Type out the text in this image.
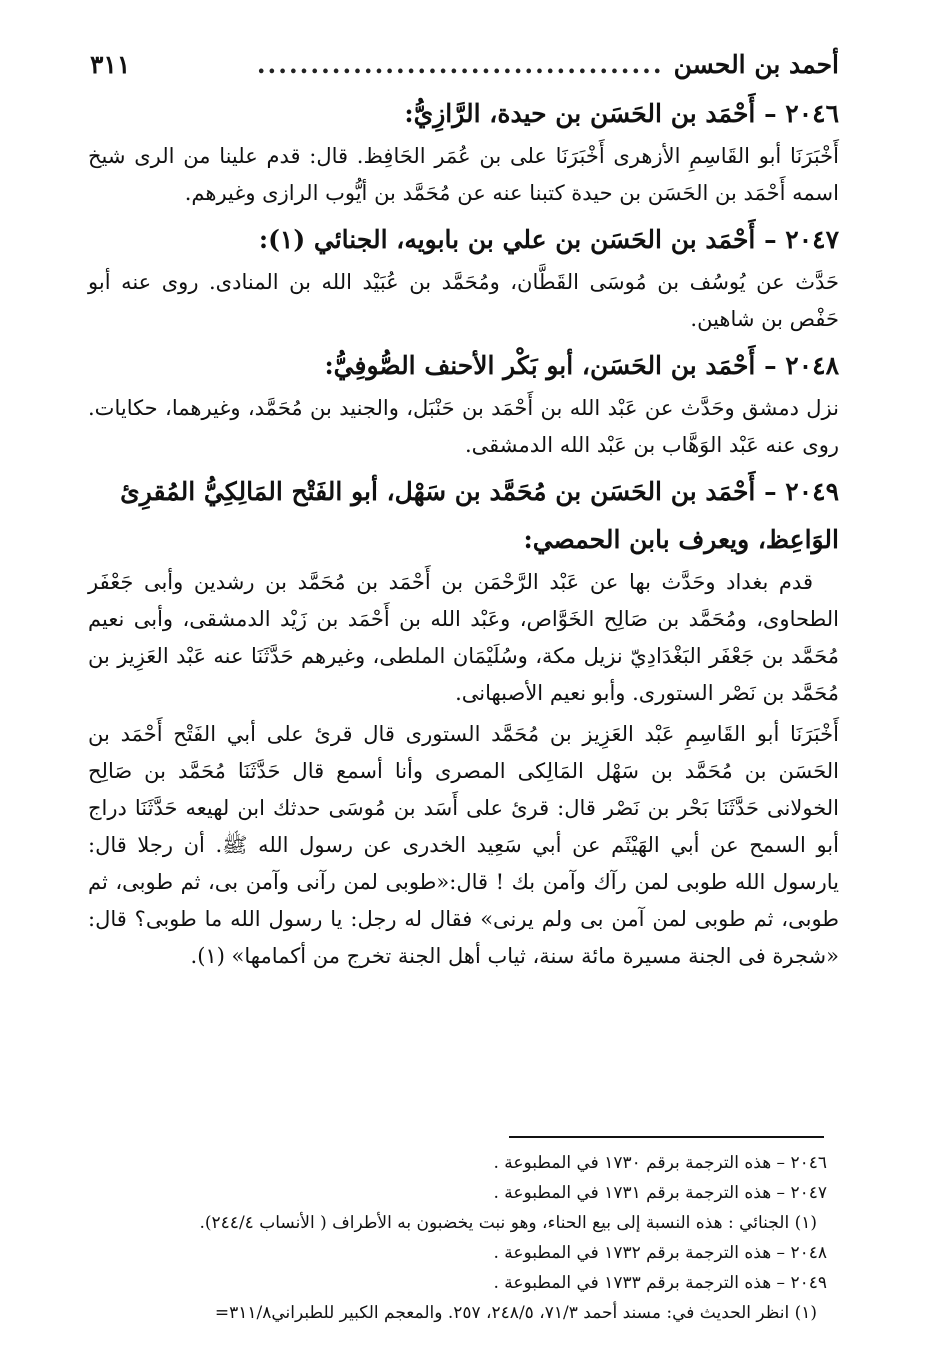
أحمد بن الحسن
......................................
٣١١
٢٠٤٦ – أَحْمَد بن الحَسَن بن حيدة، الرَّازِيُّ:

أَخْبَرَنَا أبو القَاسِمِ الأزهرى أَخْبَرَنَا على بن عُمَر الحَافِظ. قال: قدم علينا من الرى شيخ اسمه أَحْمَد بن الحَسَن بن حيدة كتبنا عنه عن مُحَمَّد بن أيُّوب الرازى وغيرهم.

٢٠٤٧ – أَحْمَد بن الحَسَن بن علي بن بابويه، الجنائي (١):

حَدَّث عن يُوسُف بن مُوسَى القَطَّان، ومُحَمَّد بن عُبَيْد الله بن المنادى. روى عنه أبو حَفْص بن شاهين.

٢٠٤٨ – أَحْمَد بن الحَسَن، أبو بَكْر الأحنف الصُّوفِيُّ:

نزل دمشق وحَدَّث عن عَبْد الله بن أَحْمَد بن حَنْبَل، والجنيد بن مُحَمَّد، وغيرهما، حكايات. روى عنه عَبْد الوَهَّاب بن عَبْد الله الدمشقى.

٢٠٤٩ – أَحْمَد بن الحَسَن بن مُحَمَّد بن سَهْل، أبو الفَتْح المَالِكِيُّ المُقرِئ الوَاعِظ، ويعرف بابن الحمصي:

قدم بغداد وحَدَّث بها عن عَبْد الرَّحْمَن بن أَحْمَد بن مُحَمَّد بن رشدين وأبى جَعْفَر الطحاوى، ومُحَمَّد بن صَالِح الخَوَّاص، وعَبْد الله بن أَحْمَد بن زَيْد الدمشقى، وأبى نعيم مُحَمَّد بن جَعْفَر البَغْدَادِيّ نزيل مكة، وسُلَيْمَان الملطى، وغيرهم حَدَّثَنَا عنه عَبْد العَزِيز بن مُحَمَّد بن نَصْر الستورى. وأبو نعيم الأصبهانى.

أَخْبَرَنَا أبو القَاسِمِ عَبْد العَزِيز بن مُحَمَّد الستورى قال قرئ على أبي الفَتْح أَحْمَد بن الحَسَن بن مُحَمَّد بن سَهْل المَالِكى المصرى وأنا أسمع قال حَدَّثَنَا مُحَمَّد بن صَالِح الخولانى حَدَّثَنَا بَحْر بن نَصْر قال: قرئ على أَسَد بن مُوسَى حدثك ابن لهيعه حَدَّثَنَا دراج أبو السمح عن أبي الهَيْثَم عن أبي سَعِيد الخدرى عن رسول الله ﷺ. أن رجلا قال: يارسول الله طوبى لمن رآك وآمن بك ! قال:«طوبى لمن رآنى وآمن بى، ثم طوبى، ثم طوبى، ثم طوبى لمن آمن بى ولم يرنى» فقال له رجل: يا رسول الله ما طوبى؟ قال: «شجرة فى الجنة مسيرة مائة سنة، ثياب أهل الجنة تخرج من أكمامها» (١).

٢٠٤٦ – هذه الترجمة برقم ١٧٣٠ في المطبوعة .

٢٠٤٧ – هذه الترجمة برقم ١٧٣١ في المطبوعة .

(١) الجنائي : هذه النسبة إلى بيع الحناء، وهو نبت يخضبون به الأطراف ( الأنساب ٢٤٤/٤).

٢٠٤٨ – هذه الترجمة برقم ١٧٣٢ في المطبوعة .

٢٠٤٩ – هذه الترجمة برقم ١٧٣٣ في المطبوعة .

(١) انظر الحديث في: مسند أحمد ٧١/٣، ٢٤٨/٥، ٢٥٧. والمعجم الكبير للطبراني٣١١/٨=
